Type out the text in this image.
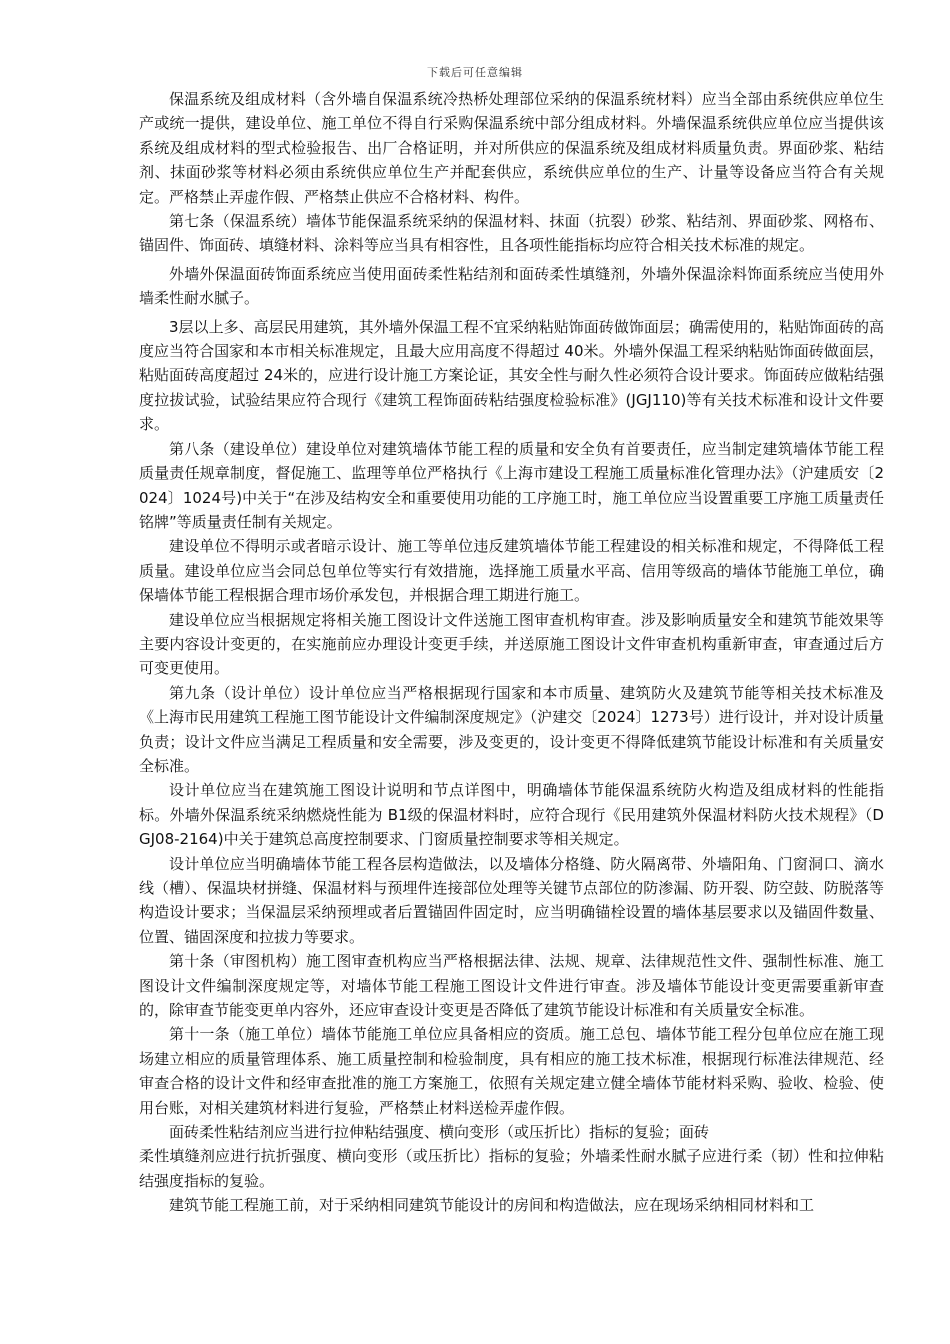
下载后可任意编辑

保温系统及组成材料（含外墙自保温系统冷热桥处理部位采纳的保温系统材料）应当全部由系统供应单位生产或统一提供，建设单位、施工单位不得自行采购保温系统中部分组成材料。外墙保温系统供应单位应当提供该系统及组成材料的型式检验报告、出厂合格证明，并对所供应的保温系统及组成材料质量负责。界面砂浆、粘结剂、抹面砂浆等材料必须由系统供应单位生产并配套供应，系统供应单位的生产、计量等设备应当符合有关规定。严格禁止弄虚作假、严格禁止供应不合格材料、构件。

第七条（保温系统）墙体节能保温系统采纳的保温材料、抹面（抗裂）砂浆、粘结剂、界面砂浆、网格布、锚固件、饰面砖、填缝材料、涂料等应当具有相容性，且各项性能指标均应符合相关技术标准的规定。

外墙外保温面砖饰面系统应当使用面砖柔性粘结剂和面砖柔性填缝剂，外墙外保温涂料饰面系统应当使用外墙柔性耐水腻子。

3层以上多、高层民用建筑，其外墙外保温工程不宜采纳粘贴饰面砖做饰面层；确需使用的，粘贴饰面砖的高度应当符合国家和本市相关标准规定，且最大应用高度不得超过 40米。外墙外保温工程采纳粘贴饰面砖做面层，粘贴面砖高度超过 24米的，应进行设计施工方案论证，其安全性与耐久性必须符合设计要求。饰面砖应做粘结强度拉拔试验，试验结果应符合现行《建筑工程饰面砖粘结强度检验标准》(JGJ110)等有关技术标准和设计文件要求。

第八条（建设单位）建设单位对建筑墙体节能工程的质量和安全负有首要责任，应当制定建筑墙体节能工程质量责任规章制度，督促施工、监理等单位严格执行《上海市建设工程施工质量标准化管理办法》（沪建质安〔2024〕1024号)中关于“在涉及结构安全和重要使用功能的工序施工时，施工单位应当设置重要工序施工质量责任铭牌”等质量责任制有关规定。

建设单位不得明示或者暗示设计、施工等单位违反建筑墙体节能工程建设的相关标准和规定，不得降低工程质量。建设单位应当会同总包单位等实行有效措施，选择施工质量水平高、信用等级高的墙体节能施工单位，确保墙体节能工程根据合理市场价承发包，并根据合理工期进行施工。

建设单位应当根据规定将相关施工图设计文件送施工图审查机构审查。涉及影响质量安全和建筑节能效果等主要内容设计变更的，在实施前应办理设计变更手续，并送原施工图设计文件审查机构重新审查，审查通过后方可变更使用。

第九条（设计单位）设计单位应当严格根据现行国家和本市质量、建筑防火及建筑节能等相关技术标准及《上海市民用建筑工程施工图节能设计文件编制深度规定》（沪建交〔2024〕1273号）进行设计，并对设计质量负责；设计文件应当满足工程质量和安全需要，涉及变更的，设计变更不得降低建筑节能设计标准和有关质量安全标准。

设计单位应当在建筑施工图设计说明和节点详图中，明确墙体节能保温系统防火构造及组成材料的性能指标。外墙外保温系统采纳燃烧性能为 B1级的保温材料时，应符合现行《民用建筑外保温材料防火技术规程》（DGJ08-2164)中关于建筑总高度控制要求、门窗质量控制要求等相关规定。

设计单位应当明确墙体节能工程各层构造做法，以及墙体分格缝、防火隔离带、外墙阳角、门窗洞口、滴水线（槽）、保温块材拼缝、保温材料与预埋件连接部位处理等关键节点部位的防渗漏、防开裂、防空鼓、防脱落等构造设计要求；当保温层采纳预埋或者后置锚固件固定时，应当明确锚栓设置的墙体基层要求以及锚固件数量、位置、锚固深度和拉拔力等要求。

第十条（审图机构）施工图审查机构应当严格根据法律、法规、规章、法律规范性文件、强制性标准、施工图设计文件编制深度规定等，对墙体节能工程施工图设计文件进行审查。涉及墙体节能设计变更需要重新审查的，除审查节能变更单内容外，还应审查设计变更是否降低了建筑节能设计标准和有关质量安全标准。

第十一条（施工单位）墙体节能施工单位应具备相应的资质。施工总包、墙体节能工程分包单位应在施工现场建立相应的质量管理体系、施工质量控制和检验制度，具有相应的施工技术标准，根据现行标准法律规范、经审查合格的设计文件和经审查批准的施工方案施工，依照有关规定建立健全墙体节能材料采购、验收、检验、使用台账，对相关建筑材料进行复验，严格禁止材料送检弄虚作假。

面砖柔性粘结剂应当进行拉伸粘结强度、横向变形（或压折比）指标的复验；面砖

柔性填缝剂应进行抗折强度、横向变形（或压折比）指标的复验；外墙柔性耐水腻子应进行柔（韧）性和拉伸粘结强度指标的复验。

建筑节能工程施工前，对于采纳相同建筑节能设计的房间和构造做法，应在现场采纳相同材料和工
